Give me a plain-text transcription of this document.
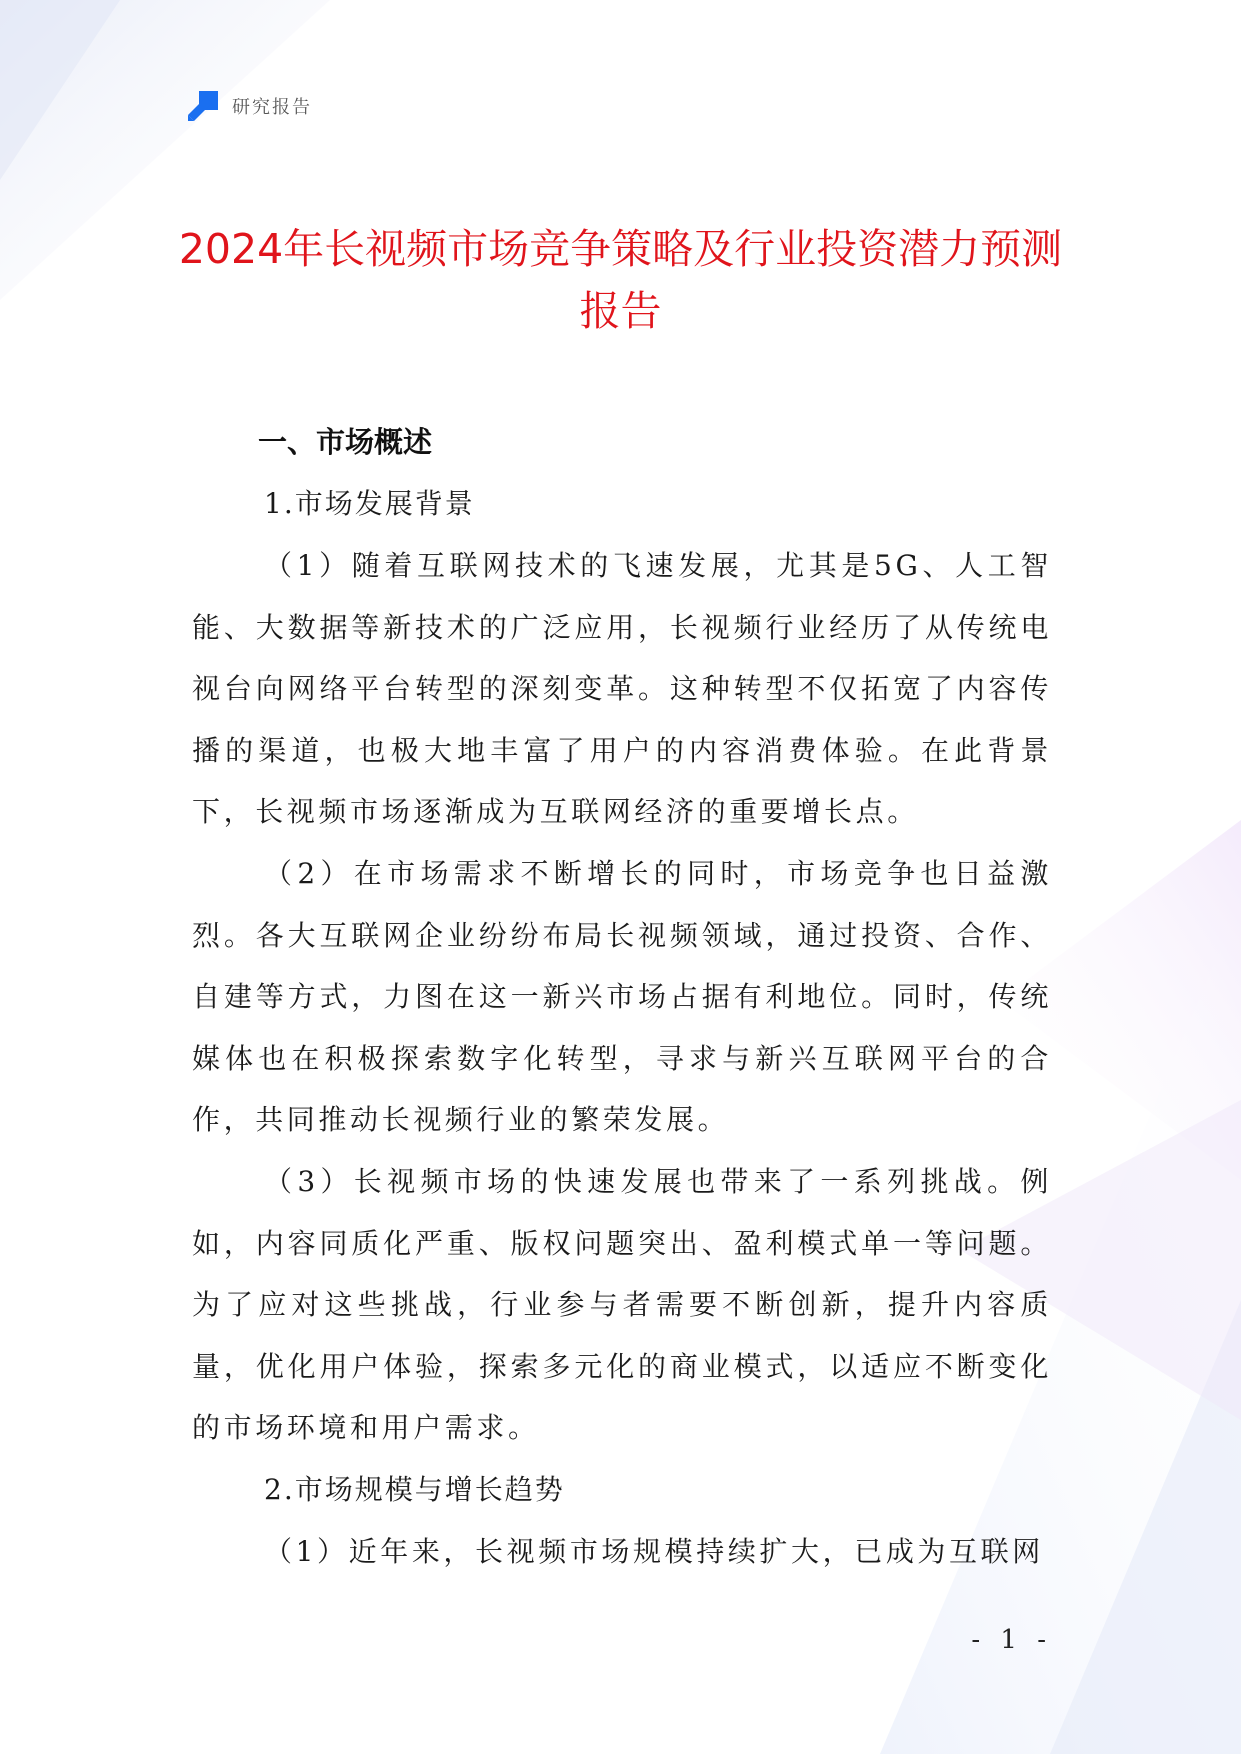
研究报告
2024年长视频市场竞争策略及行业投资潜力预测报告

一、市场概述

1.市场发展背景

（1）随着互联网技术的飞速发展，尤其是5G、人工智能、大数据等新技术的广泛应用，长视频行业经历了从传统电视台向网络平台转型的深刻变革。这种转型不仅拓宽了内容传播的渠道，也极大地丰富了用户的内容消费体验。在此背景下，长视频市场逐渐成为互联网经济的重要增长点。

（2）在市场需求不断增长的同时，市场竞争也日益激烈。各大互联网企业纷纷布局长视频领域，通过投资、合作、自建等方式，力图在这一新兴市场占据有利地位。同时，传统媒体也在积极探索数字化转型，寻求与新兴互联网平台的合作，共同推动长视频行业的繁荣发展。

（3）长视频市场的快速发展也带来了一系列挑战。例如，内容同质化严重、版权问题突出、盈利模式单一等问题。为了应对这些挑战，行业参与者需要不断创新，提升内容质量，优化用户体验，探索多元化的商业模式，以适应不断变化的市场环境和用户需求。

2.市场规模与增长趋势

（1）近年来，长视频市场规模持续扩大，已成为互联网

- 1 -
